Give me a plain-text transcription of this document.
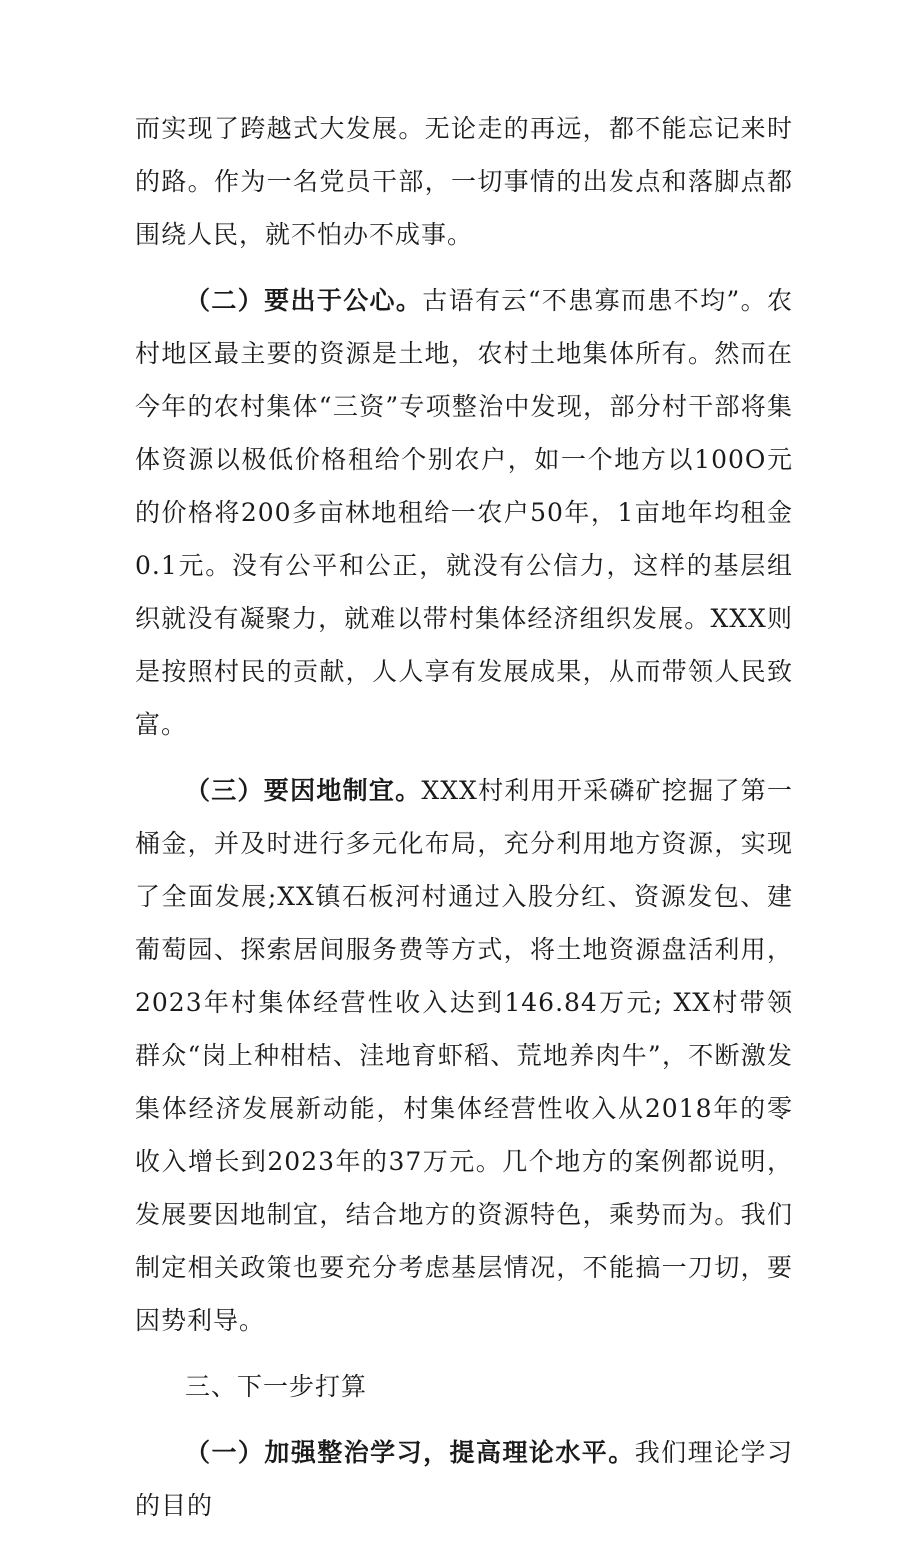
而实现了跨越式大发展。无论走的再远，都不能忘记来时的路。作为一名党员干部，一切事情的出发点和落脚点都围绕人民，就不怕办不成事。

（二）要出于公心。古语有云“不患寡而患不均”。农村地区最主要的资源是土地，农村土地集体所有。然而在今年的农村集体“三资”专项整治中发现，部分村干部将集体资源以极低价格租给个别农户，如一个地方以100O元的价格将200多亩林地租给一农户50年，1亩地年均租金0.1元。没有公平和公正，就没有公信力，这样的基层组织就没有凝聚力，就难以带村集体经济组织发展。XXX则是按照村民的贡献，人人享有发展成果，从而带领人民致富。

（三）要因地制宜。XXX村利用开采磷矿挖掘了第一桶金，并及时进行多元化布局，充分利用地方资源，实现了全面发展;XX镇石板河村通过入股分红、资源发包、建葡萄园、探索居间服务费等方式，将土地资源盘活利用，2023年村集体经营性收入达到146.84万元; XX村带领群众“岗上种柑桔、洼地育虾稻、荒地养肉牛”，不断激发集体经济发展新动能，村集体经营性收入从2018年的零收入增长到2023年的37万元。几个地方的案例都说明，发展要因地制宜，结合地方的资源特色，乘势而为。我们制定相关政策也要充分考虑基层情况，不能搞一刀切，要因势利导。

三、下一步打算

（一）加强整治学习，提高理论水平。我们理论学习的目的
